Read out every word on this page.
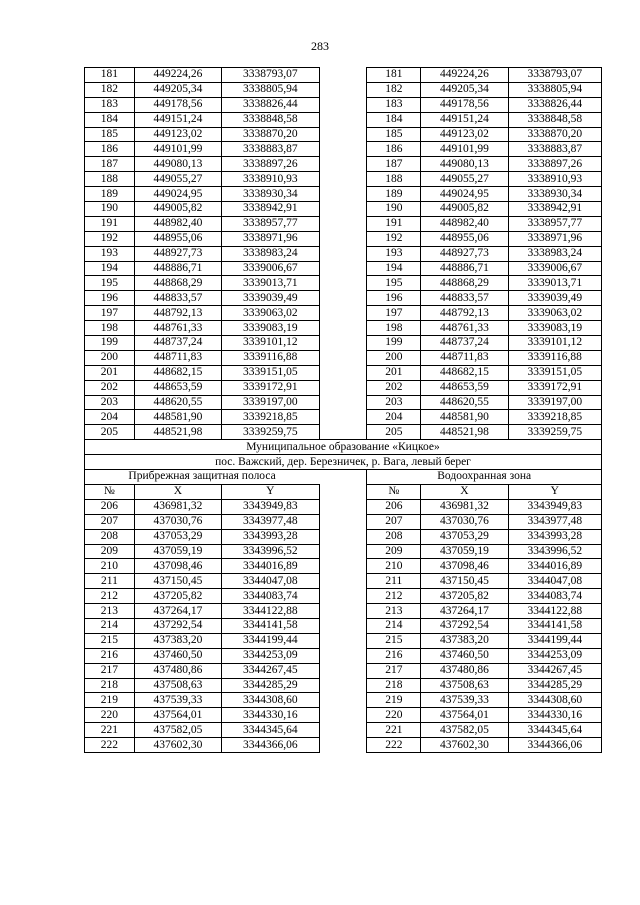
283
181	449224,26	3338793,07		181	449224,26	3338793,07
182	449205,34	3338805,94		182	449205,34	3338805,94
183	449178,56	3338826,44		183	449178,56	3338826,44
184	449151,24	3338848,58		184	449151,24	3338848,58
185	449123,02	3338870,20		185	449123,02	3338870,20
186	449101,99	3338883,87		186	449101,99	3338883,87
187	449080,13	3338897,26		187	449080,13	3338897,26
188	449055,27	3338910,93		188	449055,27	3338910,93
189	449024,95	3338930,34		189	449024,95	3338930,34
190	449005,82	3338942,91		190	449005,82	3338942,91
191	448982,40	3338957,77		191	448982,40	3338957,77
192	448955,06	3338971,96		192	448955,06	3338971,96
193	448927,73	3338983,24		193	448927,73	3338983,24
194	448886,71	3339006,67		194	448886,71	3339006,67
195	448868,29	3339013,71		195	448868,29	3339013,71
196	448833,57	3339039,49		196	448833,57	3339039,49
197	448792,13	3339063,02		197	448792,13	3339063,02
198	448761,33	3339083,19		198	448761,33	3339083,19
199	448737,24	3339101,12		199	448737,24	3339101,12
200	448711,83	3339116,88		200	448711,83	3339116,88
201	448682,15	3339151,05		201	448682,15	3339151,05
202	448653,59	3339172,91		202	448653,59	3339172,91
203	448620,55	3339197,00		203	448620,55	3339197,00
204	448581,90	3339218,85		204	448581,90	3339218,85
205	448521,98	3339259,75		205	448521,98	3339259,75
Муниципальное образование «Кицкое»						
пос. Важский, дер. Березничек, р. Вага, левый берег						
Прибрежная защитная полоса				Водоохранная зона		
№	X	Y		№	X	Y
206	436981,32	3343949,83		206	436981,32	3343949,83
207	437030,76	3343977,48		207	437030,76	3343977,48
208	437053,29	3343993,28		208	437053,29	3343993,28
209	437059,19	3343996,52		209	437059,19	3343996,52
210	437098,46	3344016,89		210	437098,46	3344016,89
211	437150,45	3344047,08		211	437150,45	3344047,08
212	437205,82	3344083,74		212	437205,82	3344083,74
213	437264,17	3344122,88		213	437264,17	3344122,88
214	437292,54	3344141,58		214	437292,54	3344141,58
215	437383,20	3344199,44		215	437383,20	3344199,44
216	437460,50	3344253,09		216	437460,50	3344253,09
217	437480,86	3344267,45		217	437480,86	3344267,45
218	437508,63	3344285,29		218	437508,63	3344285,29
219	437539,33	3344308,60		219	437539,33	3344308,60
220	437564,01	3344330,16		220	437564,01	3344330,16
221	437582,05	3344345,64		221	437582,05	3344345,64
222	437602,30	3344366,06		222	437602,30	3344366,06
